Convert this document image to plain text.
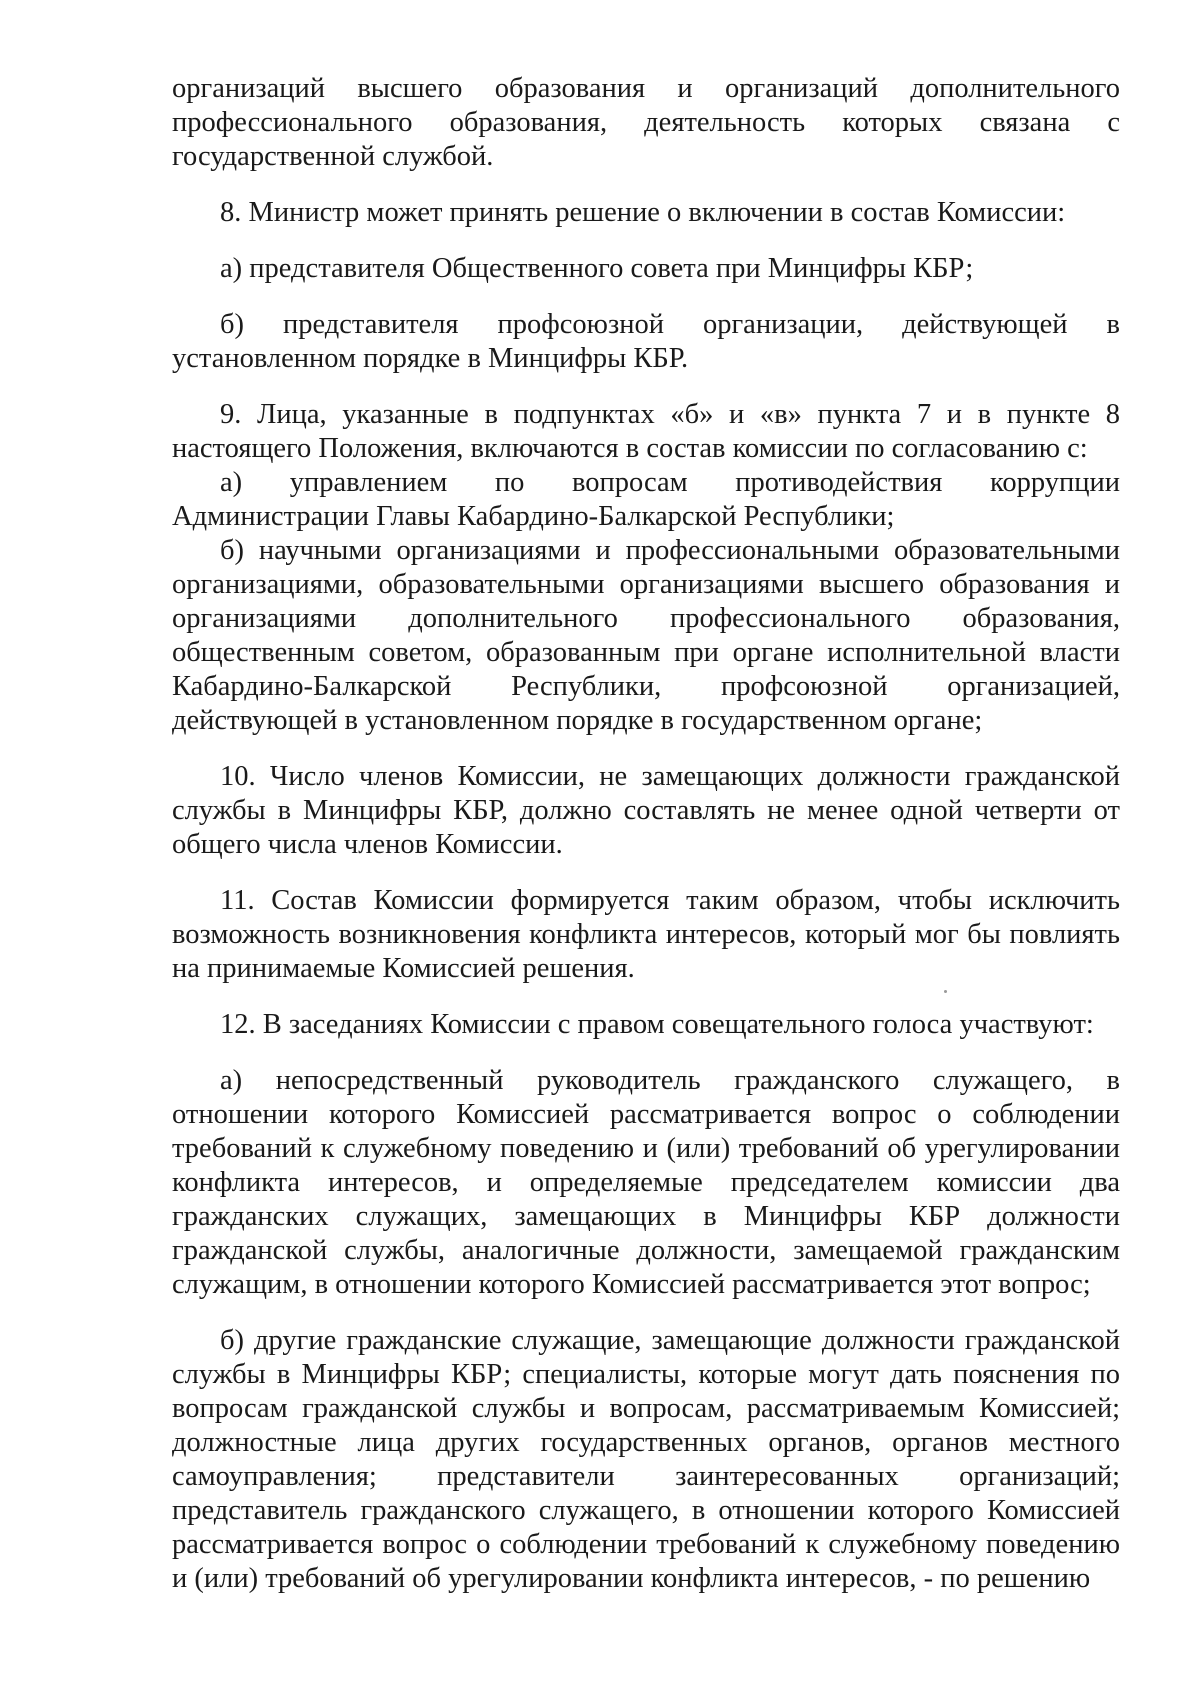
организаций высшего образования и организаций дополнительного профессионального образования, деятельность которых связана с государственной службой.

8. Министр может принять решение о включении в состав Комиссии:

а) представителя Общественного совета при Минцифры КБР;

б) представителя профсоюзной организации, действующей в установленном порядке в Минцифры КБР.

9. Лица, указанные в подпунктах «б» и «в» пункта 7 и в пункте 8 настоящего Положения, включаются в состав комиссии по согласованию с:

а) управлением по вопросам противодействия коррупции Администрации Главы Кабардино-Балкарской Республики;

б) научными организациями и профессиональными образовательными организациями, образовательными организациями высшего образования и организациями дополнительного профессионального образования, общественным советом, образованным при органе исполнительной власти Кабардино-Балкарской Республики, профсоюзной организацией, действующей в установленном порядке в государственном органе;

10. Число членов Комиссии, не замещающих должности гражданской службы в Минцифры КБР, должно составлять не менее одной четверти от общего числа членов Комиссии.

11. Состав Комиссии формируется таким образом, чтобы исключить возможность возникновения конфликта интересов, который мог бы повлиять на принимаемые Комиссией решения.

12. В заседаниях Комиссии с правом совещательного голоса участвуют:

а) непосредственный руководитель гражданского служащего, в отношении которого Комиссией рассматривается вопрос о соблюдении требований к служебному поведению и (или) требований об урегулировании конфликта интересов, и определяемые председателем комиссии два гражданских служащих, замещающих в Минцифры КБР должности гражданской службы, аналогичные должности, замещаемой гражданским служащим, в отношении которого Комиссией рассматривается этот вопрос;

б) другие гражданские служащие, замещающие должности гражданской службы в Минцифры КБР; специалисты, которые могут дать пояснения по вопросам гражданской службы и вопросам, рассматриваемым Комиссией; должностные лица других государственных органов, органов местного самоуправления; представители заинтересованных организаций; представитель гражданского служащего, в отношении которого Комиссией рассматривается вопрос о соблюдении требований к служебному поведению и (или) требований об урегулировании конфликта интересов, - по решению
